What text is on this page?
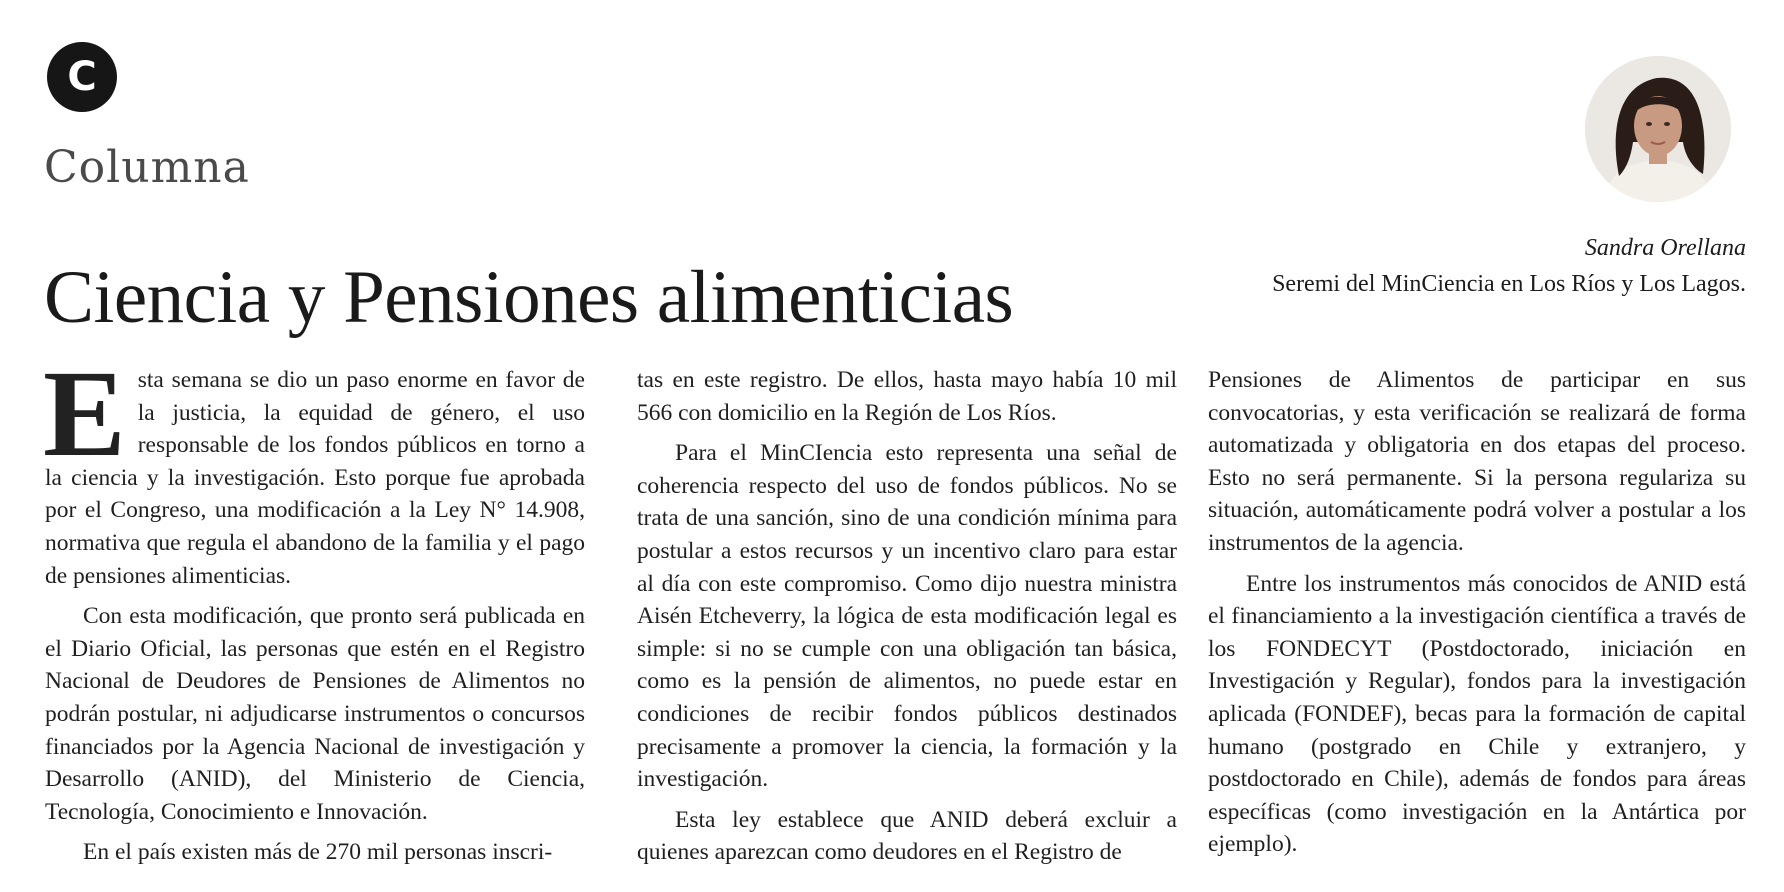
C
Columna
Ciencia y Pensiones alimenticias
Sandra Orellana
Seremi del MinCiencia en Los Ríos y Los Lagos.

Esta semana se dio un paso enorme en favor de la justicia, la equidad de género, el uso responsable de los fondos públicos en torno a la ciencia y la investigación. Esto porque fue aprobada por el Congreso, una modificación a la Ley N° 14.908, normativa que regula el abandono de la familia y el pago de pensiones alimenticias.

Con esta modificación, que pronto será publicada en el Diario Oficial, las personas que estén en el Registro Nacional de Deudores de Pensiones de Alimentos no podrán postular, ni adjudicarse instrumentos o concursos financiados por la Agencia Nacional de investigación y Desarrollo (ANID), del Ministerio de Ciencia, Tecnología, Conocimiento e Innovación.

En el país existen más de 270 mil personas inscri-

tas en este registro. De ellos, hasta mayo había 10 mil 566 con domicilio en la Región de Los Ríos.

Para el MinCIencia esto representa una señal de coherencia respecto del uso de fondos públicos. No se trata de una sanción, sino de una condición mínima para postular a estos recursos y un incentivo claro para estar al día con este compromiso. Como dijo nuestra ministra Aisén Etcheverry, la lógica de esta modificación legal es simple: si no se cumple con una obligación tan básica, como es la pensión de alimentos, no puede estar en condiciones de recibir fondos públicos destinados precisamente a promover la ciencia, la formación y la investigación.

Esta ley establece que ANID deberá excluir a quienes aparezcan como deudores en el Registro de

Pensiones de Alimentos de participar en sus convocatorias, y esta verificación se realizará de forma automatizada y obligatoria en dos etapas del proceso. Esto no será permanente. Si la persona regulariza su situación, automáticamente podrá volver a postular a los instrumentos de la agencia.

Entre los instrumentos más conocidos de ANID está el financiamiento a la investigación científica a través de los FONDECYT (Postdoctorado, iniciación en Investigación y Regular), fondos para la investigación aplicada (FONDEF), becas para la formación de capital humano (postgrado en Chile y extranjero, y postdoctorado en Chile), además de fondos para áreas específicas (como investigación en la Antártica por ejemplo).
